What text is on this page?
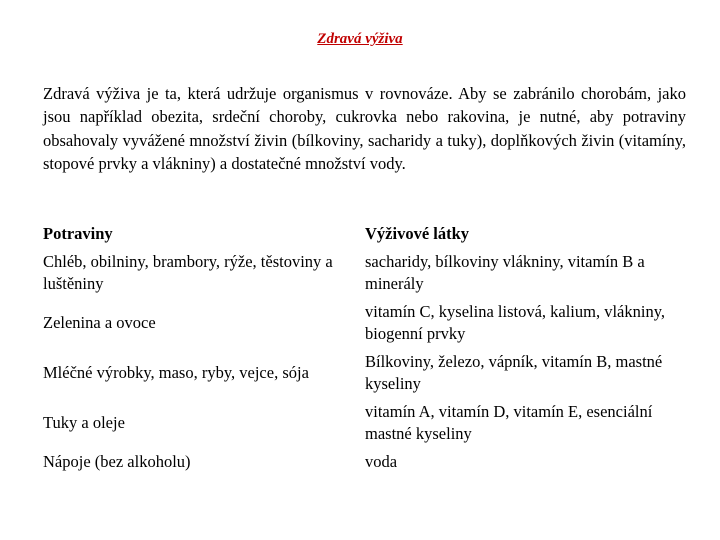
Zdravá výživa

Zdravá výživa je ta, která udržuje organismus v rovnováze. Aby se zabránilo chorobám, jako jsou například obezita, srdeční choroby, cukrovka nebo rakovina, je nutné, aby potraviny obsahovaly vyvážené množství živin (bílkoviny, sacharidy a tuky), doplňkových živin (vitamíny, stopové prvky a vlákniny) a dostatečné množství vody.

Potraviny	Výživové látky
Chléb, obilniny, brambory, rýže, těstoviny a luštěniny
sacharidy, bílkoviny vlákniny, vitamín B a minerály
Zelenina a ovoce
vitamín C, kyselina listová, kalium, vlákniny, biogenní prvky
Mléčné výrobky, maso, ryby, vejce, sója
Bílkoviny, železo, vápník, vitamín B, mastné kyseliny
Tuky a oleje
vitamín A, vitamín D, vitamín E, esenciální mastné kyseliny
Nápoje (bez alkoholu)	voda
